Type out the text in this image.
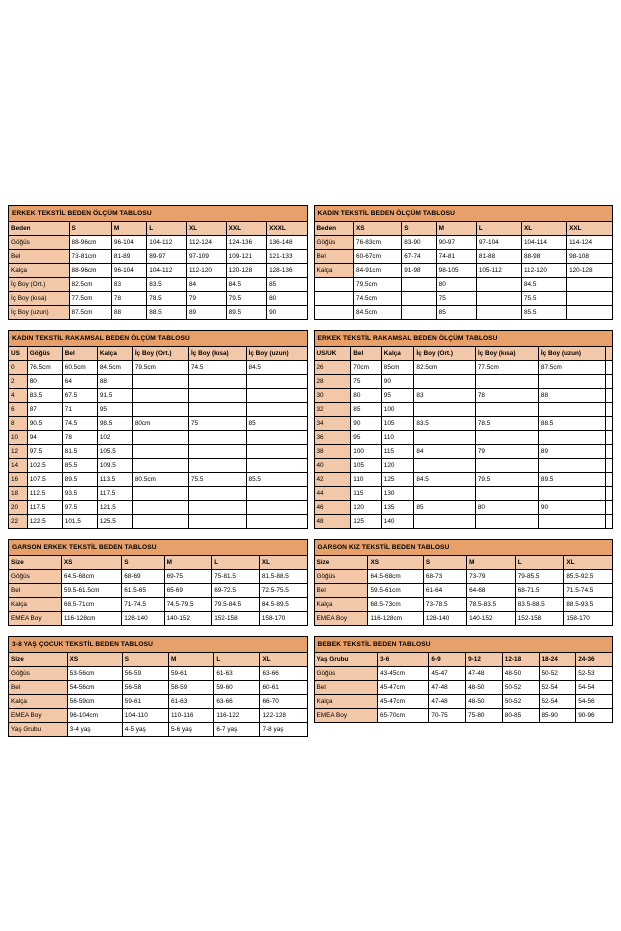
ERKEK TEKSTİL BEDEN ÖLÇÜM TABLOSU						
Beden	S	M	L	XL	XXL	XXXL
Göğüs	88-96cm	96-104	104-112	112-124	124-136	136-148
Bel	73-81cm	81-89	89-97	97-109	109-121	121-133
Kalça	88-96cm	96-104	104-112	112-120	120-128	128-136
İç Boy (Ort.)	82.5cm	83	83.5	84	84.5	85
İç Boy (kısa)	77.5cm	78	78.5	79	79.5	80
İç Boy (uzun)	87.5cm	88	88.5	89	89.5	90
KADIN TEKSTİL BEDEN ÖLÇÜM TABLOSU						
Beden	XS	S	M	L	XL	XXL
Göğüs	76-83cm	83-90	90-97	97-104	104-114	114-124
Bel	60-67cm	67-74	74-81	81-88	88-98	98-108
Kalça	84-91cm	91-98	98-105	105-112	112-120	120-128
	79.5cm		80		84.5	
	74.5cm		75		75.5	
	84.5cm		85		85.5	
KADIN TEKSTİL RAKAMSAL BEDEN ÖLÇÜM TABLOSU						
US	Göğüs	Bel	Kalça	İç Boy (Ort.)	İç Boy (kısa)	İç Boy (uzun)
0	76.5cm	60.5cm	84.5cm	79.5cm	74.5	84.5
2	80	64	88			
4	83.5	67.5	91.5			
6	87	71	95			
8	90.5	74.5	98.5	80cm	75	85
10	94	78	102			
12	97.5	81.5	105.5			
14	102.5	85.5	109.5			
16	107.5	89.5	113.5	80.5cm	75.5	85.5
18	112.5	93.5	117.5			
20	117.5	97.5	121.5			
22	122.5	101.5	125.5			
ERKEK TEKSTİL RAKAMSAL BEDEN ÖLÇÜM TABLOSU						
US/UK	Bel	Kalça	İç Boy (Ort.)	İç Boy (kısa)	İç Boy (uzun)	
26	70cm	85cm	82.5cm	77.5cm	87.5cm	
28	75	90				
30	80	95	83	78	88	
32	85	100				
34	90	105	83.5	78.5	88.5	
36	95	110				
38	100	115	84	79	89	
40	105	120				
42	110	125	84.5	79.5	89.5	
44	115	130				
46	120	135	85	80	90	
48	125	140				
GARSON ERKEK TEKSTİL BEDEN TABLOSU					
Size	XS	S	M	L	XL
Göğüs	64.5-68cm	68-69	69-75	75-81.5	81.5-88.5
Bel	59.5-61.5cm	61.5-65	65-69	69-72.5	72.5-75.5
Kalça	68.5-71cm	71-74.5	74.5-79.5	79.5-84.5	84.5-89.5
EMEA Boy	116-128cm	128-140	140-152	152-158	158-170
GARSON KIZ TEKSTİL BEDEN TABLOSU					
Size	XS	S	M	L	XL
Göğüs	64.5-68cm	68-73	73-79	79-85.5	85.5-92.5
Bel	59.5-61cm	61-64	64-68	68-71.5	71.5-74.5
Kalça	68.5-73cm	73-78.5	78.5-83.5	83.5-88.5	88.5-93.5
EMEA Boy	116-128cm	128-140	140-152	152-158	158-170
3-8 YAŞ ÇOCUK TEKSTİL BEDEN TABLOSU					
Size	XS	S	M	L	XL
Göğüs	53-56cm	56-59	59-61	61-63	63-66
Bel	54-56cm	56-58	58-59	59-60	60-61
Kalça	56-59cm	59-61	61-63	63-66	66-70
EMEA Boy	96-104cm	104-110	110-116	116-122	122-128
Yaş Grubu	3-4 yaş	4-5 yaş	5-6 yaş	6-7 yaş	7-8 yaş
BEBEK TEKSTİL BEDEN TABLOSU						
Yaş Grubu	3-6	6-9	9-12	12-18	18-24	24-36
Göğüs	43-45cm	45-47	47-48	48-50	50-52	52-53
Bel	45-47cm	47-48	48-50	50-52	52-54	54-54
Kalça	45-47cm	47-48	48-50	50-52	52-54	54-56
EMEA Boy	65-70cm	70-75	75-80	80-85	85-90	90-96
